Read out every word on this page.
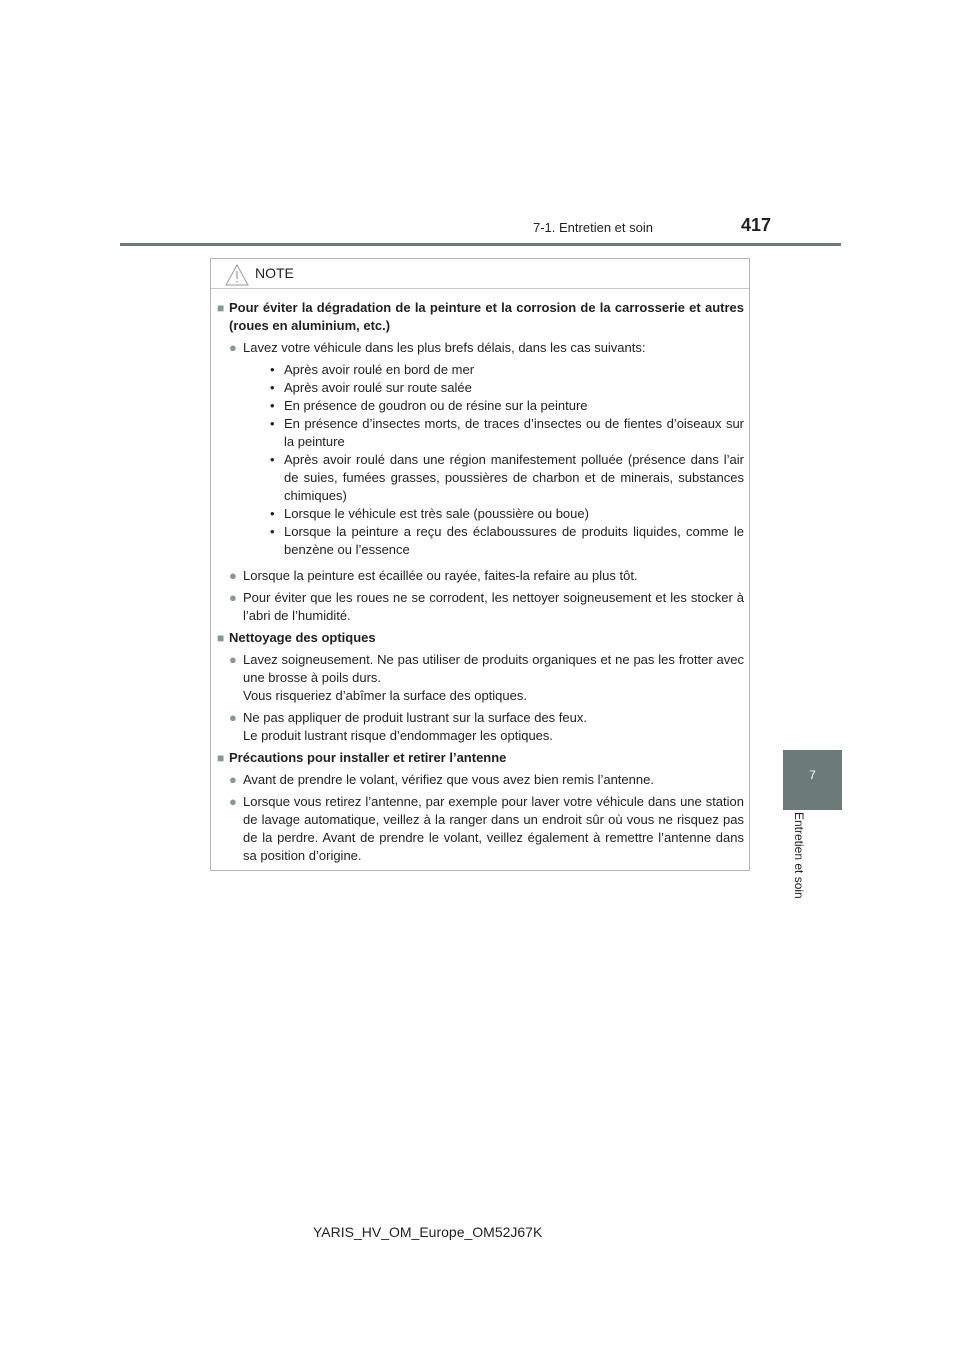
7-1. Entretien et soin	417
7
Entretien et soin
NOTE
■ Pour éviter la dégradation de la peinture et la corrosion de la carrosserie et autres (roues en aluminium, etc.)
● Lavez votre véhicule dans les plus brefs délais, dans les cas suivants:
• Après avoir roulé en bord de mer
• Après avoir roulé sur route salée
• En présence de goudron ou de résine sur la peinture
• En présence d’insectes morts, de traces d’insectes ou de fientes d’oiseaux sur la peinture
• Après avoir roulé dans une région manifestement polluée (présence dans l’air de suies, fumées grasses, poussières de charbon et de minerais, substances chimiques)
• Lorsque le véhicule est très sale (poussière ou boue)
• Lorsque la peinture a reçu des éclaboussures de produits liquides, comme le benzène ou l’essence
● Lorsque la peinture est écaillée ou rayée, faites-la refaire au plus tôt.
● Pour éviter que les roues ne se corrodent, les nettoyer soigneusement et les stocker à l’abri de l’humidité.
■ Nettoyage des optiques
● Lavez soigneusement. Ne pas utiliser de produits organiques et ne pas les frotter avec une brosse à poils durs.
Vous risqueriez d’abîmer la surface des optiques.
● Ne pas appliquer de produit lustrant sur la surface des feux.
Le produit lustrant risque d’endommager les optiques.
■ Précautions pour installer et retirer l’antenne
● Avant de prendre le volant, vérifiez que vous avez bien remis l’antenne.
● Lorsque vous retirez l’antenne, par exemple pour laver votre véhicule dans une station de lavage automatique, veillez à la ranger dans un endroit sûr où vous ne risquez pas de la perdre. Avant de prendre le volant, veillez également à remettre l’antenne dans sa position d’origine.
YARIS_HV_OM_Europe_OM52J67K
